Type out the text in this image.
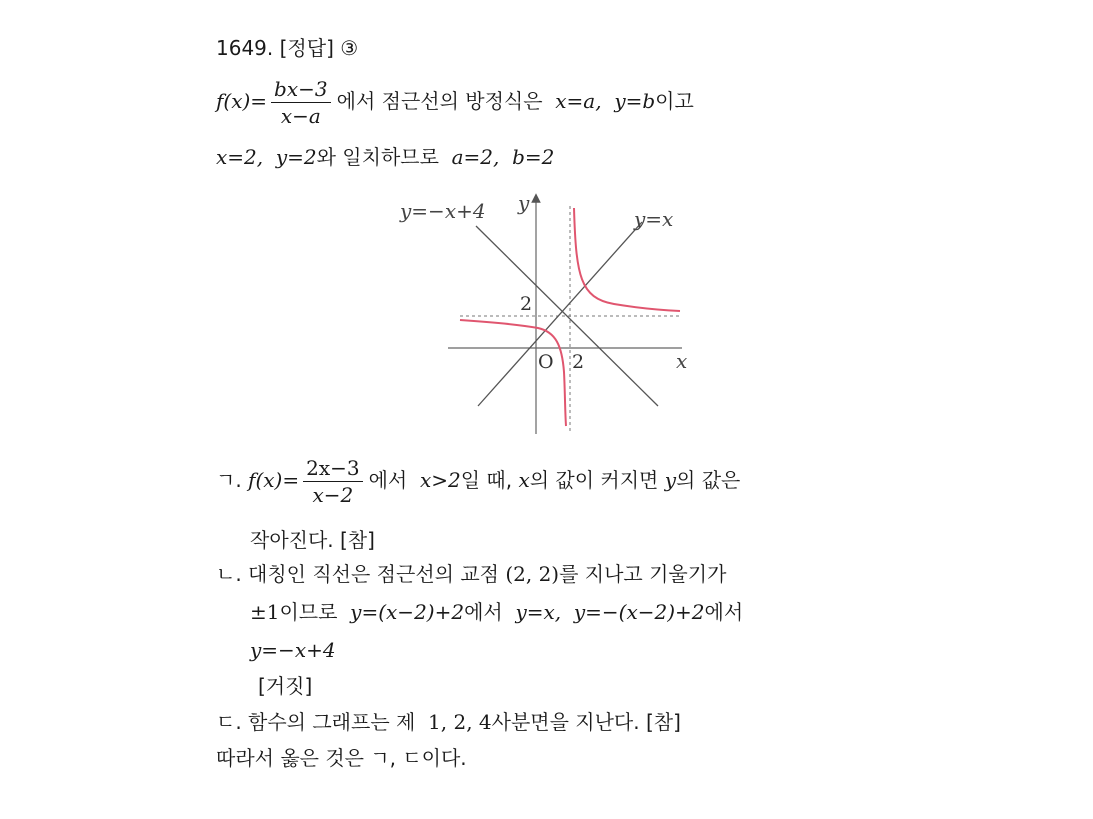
1649. [정답] ③
$f(x)= \frac{bx-3}{x-a}$ 에서 점근선의 방정식은 x=a, y=b이고
x=2, y=2와 일치하므로 a=2, b=2
y=−x+4 y
y=x
2
O 2	x
ㄱ. $f(x)= \frac{2x-3}{x-2}$ 에서 x>2일 때, x의 값이 커지면 y의 값은
작아진다. [참]
ㄴ. 대칭인 직선은 점근선의 교점 (2, 2)를 지나고 기울기가
±1이므로 y=(x−2)+2에서 y=x, y=−(x−2)+2에서
y=−x+4
[거짓]
ㄷ. 함수의 그래프는 제 1, 2, 4사분면을 지난다. [참]
따라서 옳은 것은 ㄱ, ㄷ이다.
